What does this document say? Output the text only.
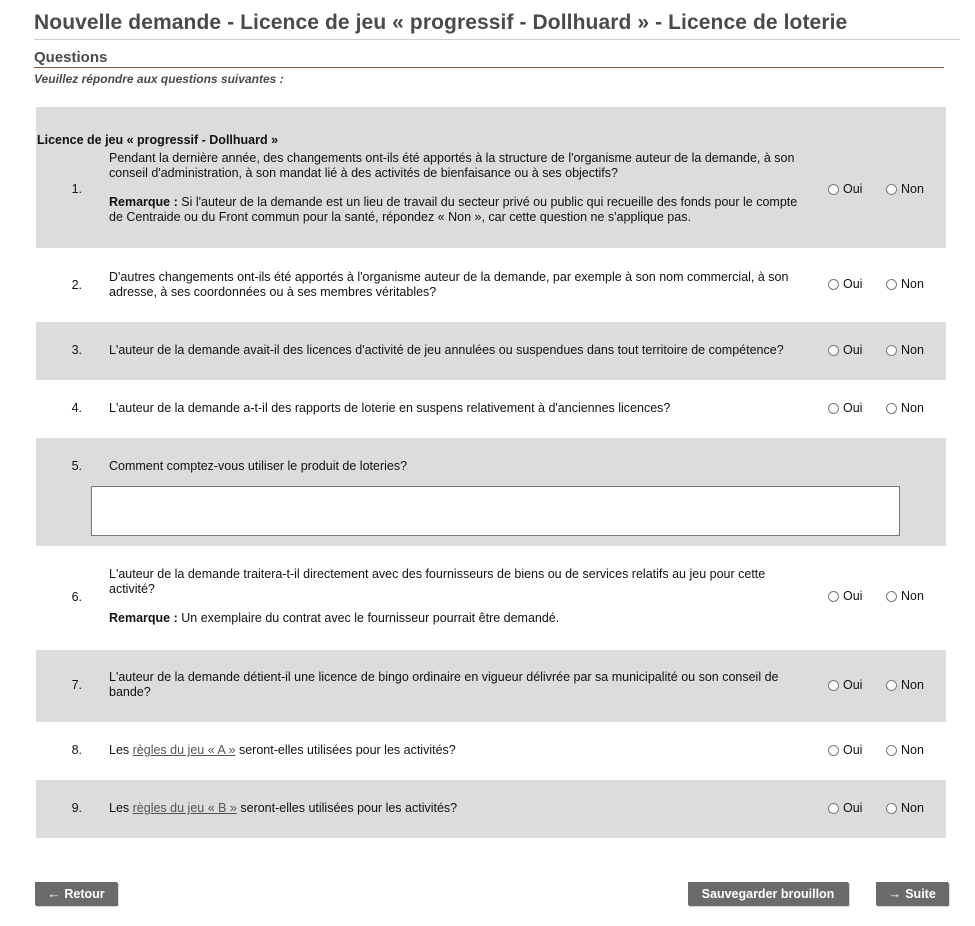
Nouvelle demande - Licence de jeu « progressif - Dollhuard » - Licence de loterie
Questions
Veuillez répondre aux questions suivantes :
Licence de jeu « progressif - Dollhuard »
1.
Pendant la dernière année, des changements ont-ils été apportés à la structure de l'organisme auteur de la demande, à son conseil d'administration, à son mandat lié à des activités de bienfaisance ou à ses objectifs?
Remarque : Si l'auteur de la demande est un lieu de travail du secteur privé ou public qui recueille des fonds pour le compte de Centraide ou du Front commun pour la santé, répondez « Non », car cette question ne s'applique pas.
Oui	Non
2.
D'autres changements ont-ils été apportés à l'organisme auteur de la demande, par exemple à son nom commercial, à son adresse, à ses coordonnées ou à ses membres véritables?
Oui	Non
3. L'auteur de la demande avait-il des licences d'activité de jeu annulées ou suspendues dans tout territoire de compétence?	Oui	Non
4. L'auteur de la demande a-t-il des rapports de loterie en suspens relativement à d'anciennes licences?	Oui	Non
5. Comment comptez-vous utiliser le produit de loteries?
6.
L'auteur de la demande traitera-t-il directement avec des fournisseurs de biens ou de services relatifs au jeu pour cette activité?
Remarque : Un exemplaire du contrat avec le fournisseur pourrait être demandé.
Oui	Non
7.
L'auteur de la demande détient-il une licence de bingo ordinaire en vigueur délivrée par sa municipalité ou son conseil de bande?	Oui	Non
8. Les règles du jeu « A » seront-elles utilisées pour les activités?	Oui	Non
9. Les règles du jeu « B » seront-elles utilisées pour les activités?	Oui	Non
← Retour	Sauvegarder brouillon	→ Suite
